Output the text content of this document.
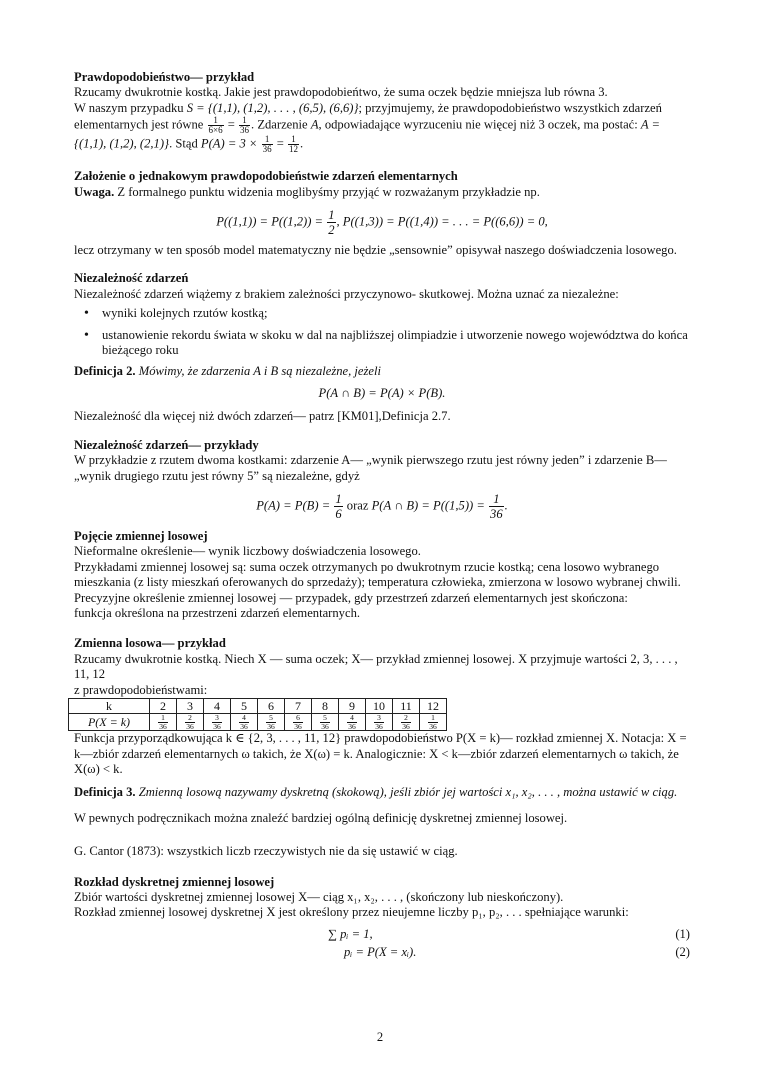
Prawdopodobieństwo— przykład

Rzucamy dwukrotnie kostką. Jakie jest prawdopodobieńtwo, że suma oczek będzie mniejsza lub równa 3.

W naszym przypadku S = {(1,1), (1,2), . . . , (6,5), (6,6)}; przyjmujemy, że prawdopodobieństwo wszystkich zdarzeń

elementarnych jest równe $\frac{1}{6\times 6} = \frac{1}{36}$ . Zdarzenie A, odpowiadające wyrzuceniu nie więcej niż 3 oczek, ma postać: A =

{(1,1), (1,2), (2,1)}. Stąd $P(A) = 3 \times \frac{1}{36} = \frac{1}{12}$ .

Założenie o jednakowym prawdopodobieństwie zdarzeń elementarnych

Uwaga. Z formalnego punktu widzenia moglibyśmy przyjąć w rozważanym przykładzie np.

$P((1,1)) = P((1,2)) = \frac{1}{2}$ , P((1,3)) = P((1,4)) = . . . = P((6,6)) = 0,

lecz otrzymany w ten sposób model matematyczny nie będzie „sensownie” opisywał naszego doświadczenia losowego.

Niezależność zdarzeń

Niezależność zdarzeń wiążemy z brakiem zależności przyczynowo- skutkowej. Można uznać za niezależne:

• wyniki kolejnych rzutów kostką;
• ustanowienie rekordu świata w skoku w dal na najbliższej olimpiadzie i utworzenie nowego województwa do końca bieżącego roku

Definicja 2. Mówimy, że zdarzenia A i B są niezależne, jeżeli

P(A ∩ B) = P(A) × P(B).

Niezależność dla więcej niż dwóch zdarzeń— patrz [KM01],Definicja 2.7.

Niezależność zdarzeń— przykłady

W przykładzie z rzutem dwoma kostkami: zdarzenie A— „wynik pierwszego rzutu jest równy jeden” i zdarzenie B—

„wynik drugiego rzutu jest równy 5” są niezależne, gdyż

$P(A) = P(B) = \frac{1}{6}$ oraz P(A ∩ $B) = P((1,5)) = \frac{1}{36}$ .

Pojęcie zmiennej losowej

Nieformalne określenie— wynik liczbowy doświadczenia losowego.

Przykładami zmiennej losowej są: suma oczek otrzymanych po dwukrotnym rzucie kostką; cena losowo wybranego mieszkania (z listy mieszkań oferowanych do sprzedaży); temperatura człowieka, zmierzona w losowo wybranej chwili.

Precyzyjne określenie zmiennej losowej — przypadek, gdy przestrzeń zdarzeń elementarnych jest skończona:

funkcja określona na przestrzeni zdarzeń elementarnych.

Zmienna losowa— przykład

Rzucamy dwukrotnie kostką. Niech X — suma oczek; X— przykład zmiennej losowej. X przyjmuje wartości 2, 3, . . . , 11, 12

z prawdopodobieństwami:

k	2	3	4	5	6	7	8	9	10	11	12
P(X = k)	$\frac{1}{36}$	$\frac{2}{36}$	$\frac{3}{36}$	$\frac{4}{36}$	$\frac{5}{36}$	$\frac{6}{36}$	$\frac{5}{36}$	$\frac{4}{36}$	$\frac{3}{36}$	$\frac{2}{36}$	$\frac{1}{36}$

Funkcja przyporządkowująca k ∈ {2, 3, . . . , 11, 12} prawdopodobieństwo P(X = k)— rozkład zmiennej X. Notacja: X = k—zbiór zdarzeń elementarnych ω takich, że X(ω) = k. Analogicznie: X < k—zbiór zdarzeń elementarnych ω takich, że X(ω) < k.

Definicja 3. Zmienną losową nazywamy dyskretną (skokową), jeśli zbiór jej wartości x₁, x₂, . . . , można ustawić w ciąg.

W pewnych podręcznikach można znaleźć bardziej ogólną definicję dyskretnej zmiennej losowej.

G. Cantor (1873): wszystkich liczb rzeczywistych nie da się ustawić w ciąg.

Rozkład dyskretnej zmiennej losowej

Zbiór wartości dyskretnej zmiennej losowej X— ciąg x₁, x₂, . . . , (skończony lub nieskończony).

Rozkład zmiennej losowej dyskretnej X jest określony przez nieujemne liczby p₁, p₂, . . . spełniające warunki:

∑ pᵢ = 1,	(1)
pᵢ = P(X = xᵢ).	(2)
2
